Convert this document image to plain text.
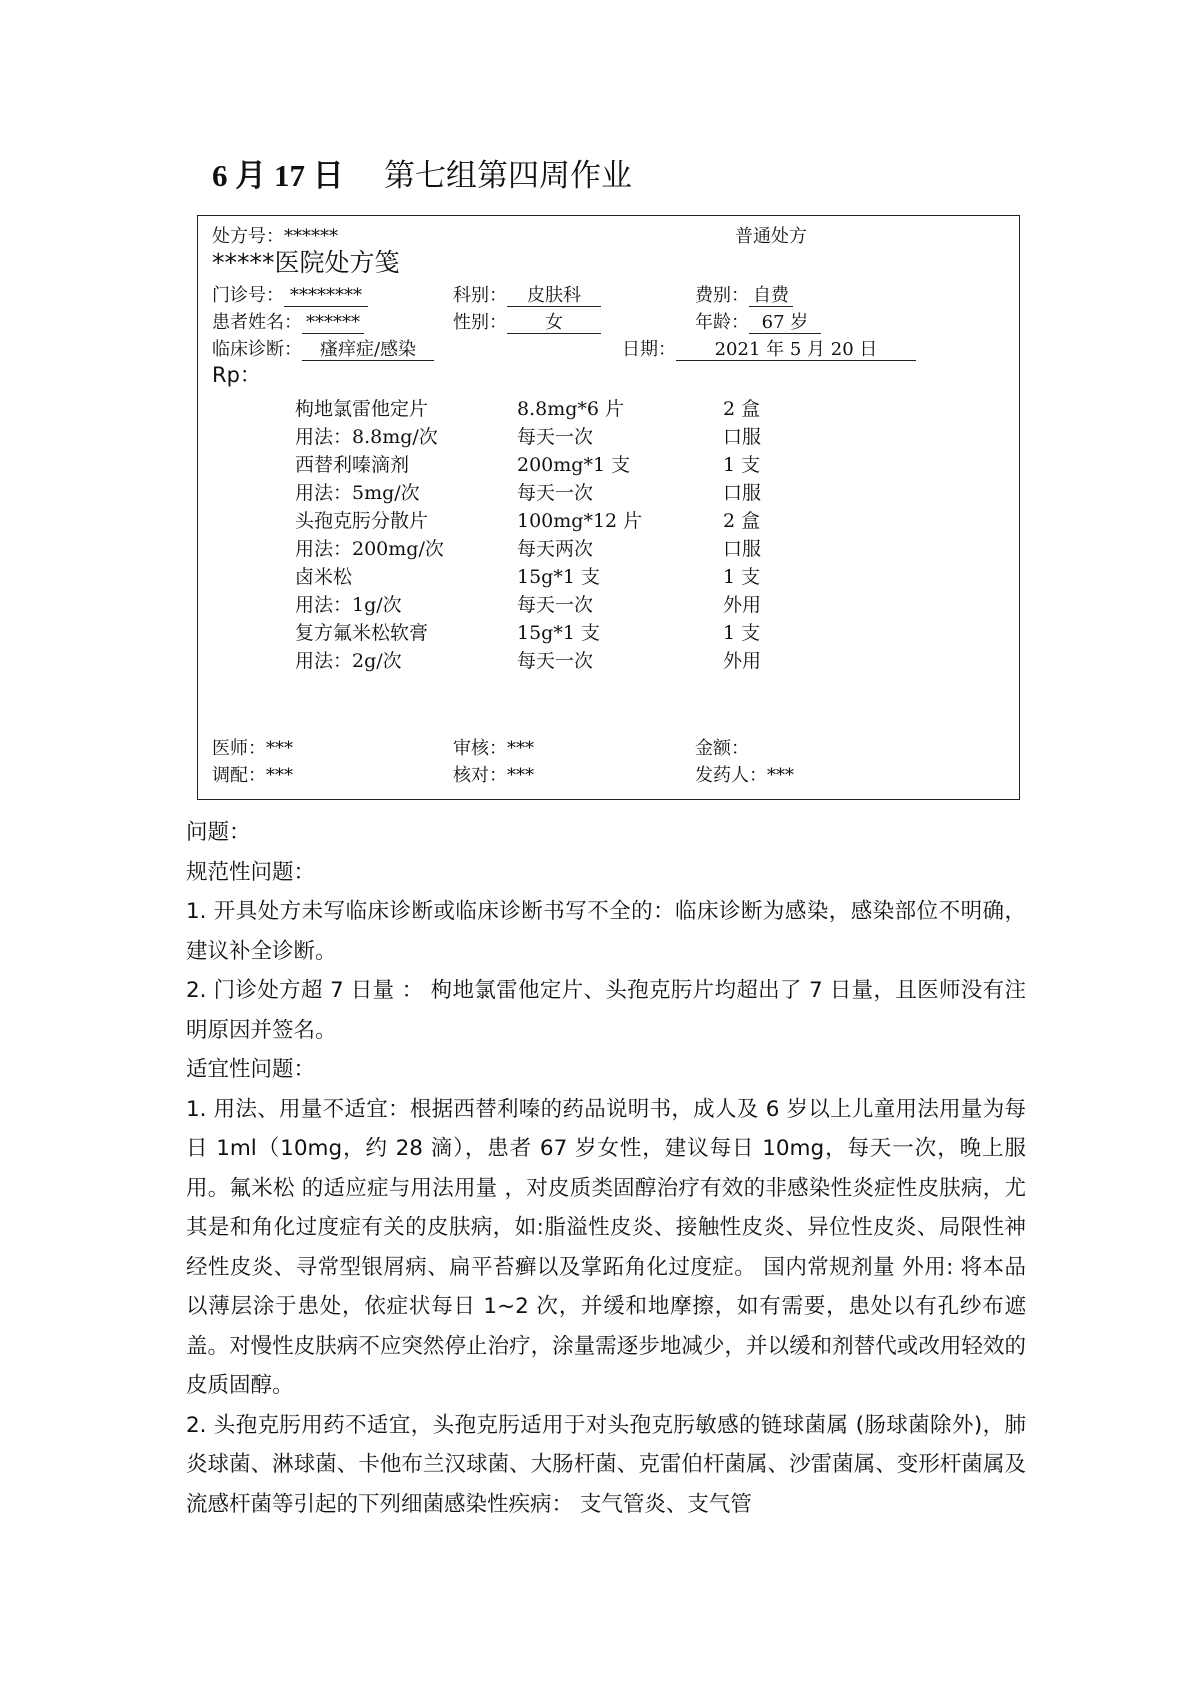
6 月 17 日 第七组第四周作业
处方号：******	普通处方
*****医院处方笺
门诊号： ********	科别： 皮肤科	费别： 自费
患者姓名： ******	性别： 女	年龄： 67 岁
临床诊断： 瘙痒症/感染	日期： 2021 年 5 月 20 日
Rp：
枸地氯雷他定片	8.8mg*6 片	2 盒
用法：8.8mg/次	每天一次	口服
西替利嗪滴剂	200mg*1 支	1 支
用法：5mg/次	每天一次	口服
头孢克肟分散片	100mg*12 片	2 盒
用法：200mg/次	每天两次	口服
卤米松	15g*1 支	1 支
用法：1g/次	每天一次	外用
复方氟米松软膏	15g*1 支	1 支
用法：2g/次	每天一次	外用
医师：***	审核：***	金额：
调配：***	核对：***	发药人：***

问题：

规范性问题：

1. 开具处方未写临床诊断或临床诊断书写不全的：临床诊断为感染，感染部位不明确，建议补全诊断。

2. 门诊处方超 7 日量 ： 枸地氯雷他定片、头孢克肟片均超出了 7 日量，且医师没有注明原因并签名。

适宜性问题：

1. 用法、用量不适宜：根据西替利嗪的药品说明书，成人及 6 岁以上儿童用法用量为每日 1ml（10mg，约 28 滴），患者 67 岁女性，建议每日 10mg，每天一次，晚上服用。氟米松 的适应症与用法用量 ，对皮质类固醇治疗有效的非感染性炎症性皮肤病，尤其是和角化过度症有关的皮肤病，如:脂溢性皮炎、接触性皮炎、异位性皮炎、局限性神经性皮炎、寻常型银屑病、扁平苔癣以及掌跖角化过度症。 国内常规剂量 外用: 将本品以薄层涂于患处，依症状每日 1~2 次，并缓和地摩擦，如有需要，患处以有孔纱布遮盖。对慢性皮肤病不应突然停止治疗，涂量需逐步地减少，并以缓和剂替代或改用轻效的皮质固醇。

2. 头孢克肟用药不适宜，头孢克肟适用于对头孢克肟敏感的链球菌属 (肠球菌除外)，肺炎球菌、淋球菌、卡他布兰汉球菌、大肠杆菌、克雷伯杆菌属、沙雷菌属、变形杆菌属及流感杆菌等引起的下列细菌感染性疾病： 支气管炎、支气管
